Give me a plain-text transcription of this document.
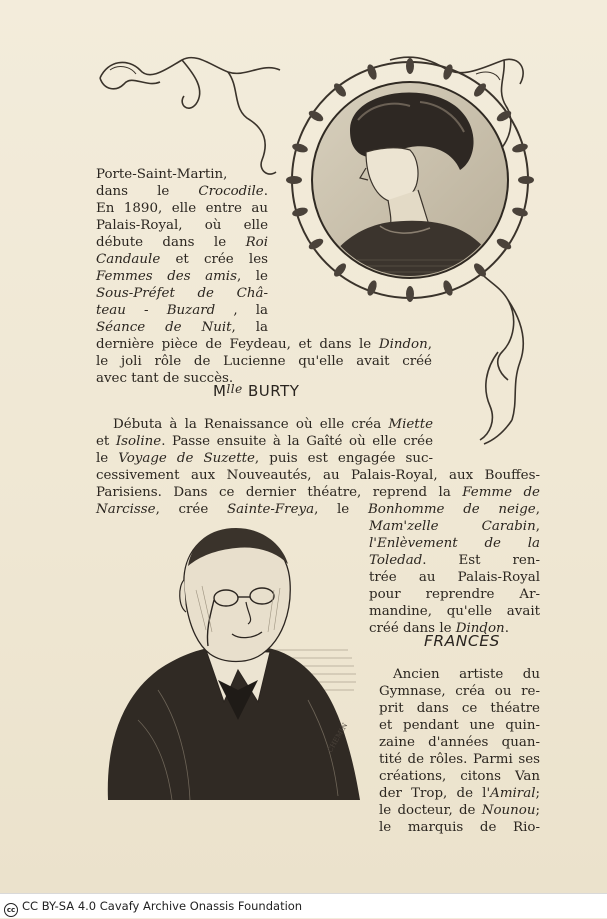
Porte-Saint-Martin,
dans le Crocodile.
En 1890, elle entre au
Palais-Royal, où elle
débute dans le Roi
Candaule et crée les
Femmes des amis, le
Sous-Préfet de Châ-
teau - Buzard , la
Séance de Nuit, la
dernière pièce de Feydeau, et dans le Dindon,
le joli rôle de Lucienne qu'elle avait créé
avec tant de succès.
$M^{lle}$ BURTY
Débuta à la Renaissance où elle créa Miette
et Isoline. Passe ensuite à la Gaîté où elle crée
le Voyage de Suzette, puis est engagée suc-
cessivement aux Nouveautés, au Palais-Royal, aux Bouffes-
Parisiens. Dans ce dernier théatre, reprend la Femme de
Narcisse, crée Sainte-Freya, le Bonhomme de neige,
Mam'zelle Carabin,
l'Enlèvement de la
Toledad. Est ren-
trée au Palais-Royal
pour reprendre Ar-
mandine, qu'elle avait
créé dans le Dindon.
CHEMIN
FRANCÈS
Ancien artiste du
Gymnase, créa ou re-
prit dans ce théatre
et pendant une quin-
zaine d'années quan-
tité de rôles. Parmi ses
créations, citons Van
der Trop, de l'Amiral;
le docteur, de Nounou;
le marquis de Rio-
cc CC BY-SA 4.0 Cavafy Archive Onassis Foundation
